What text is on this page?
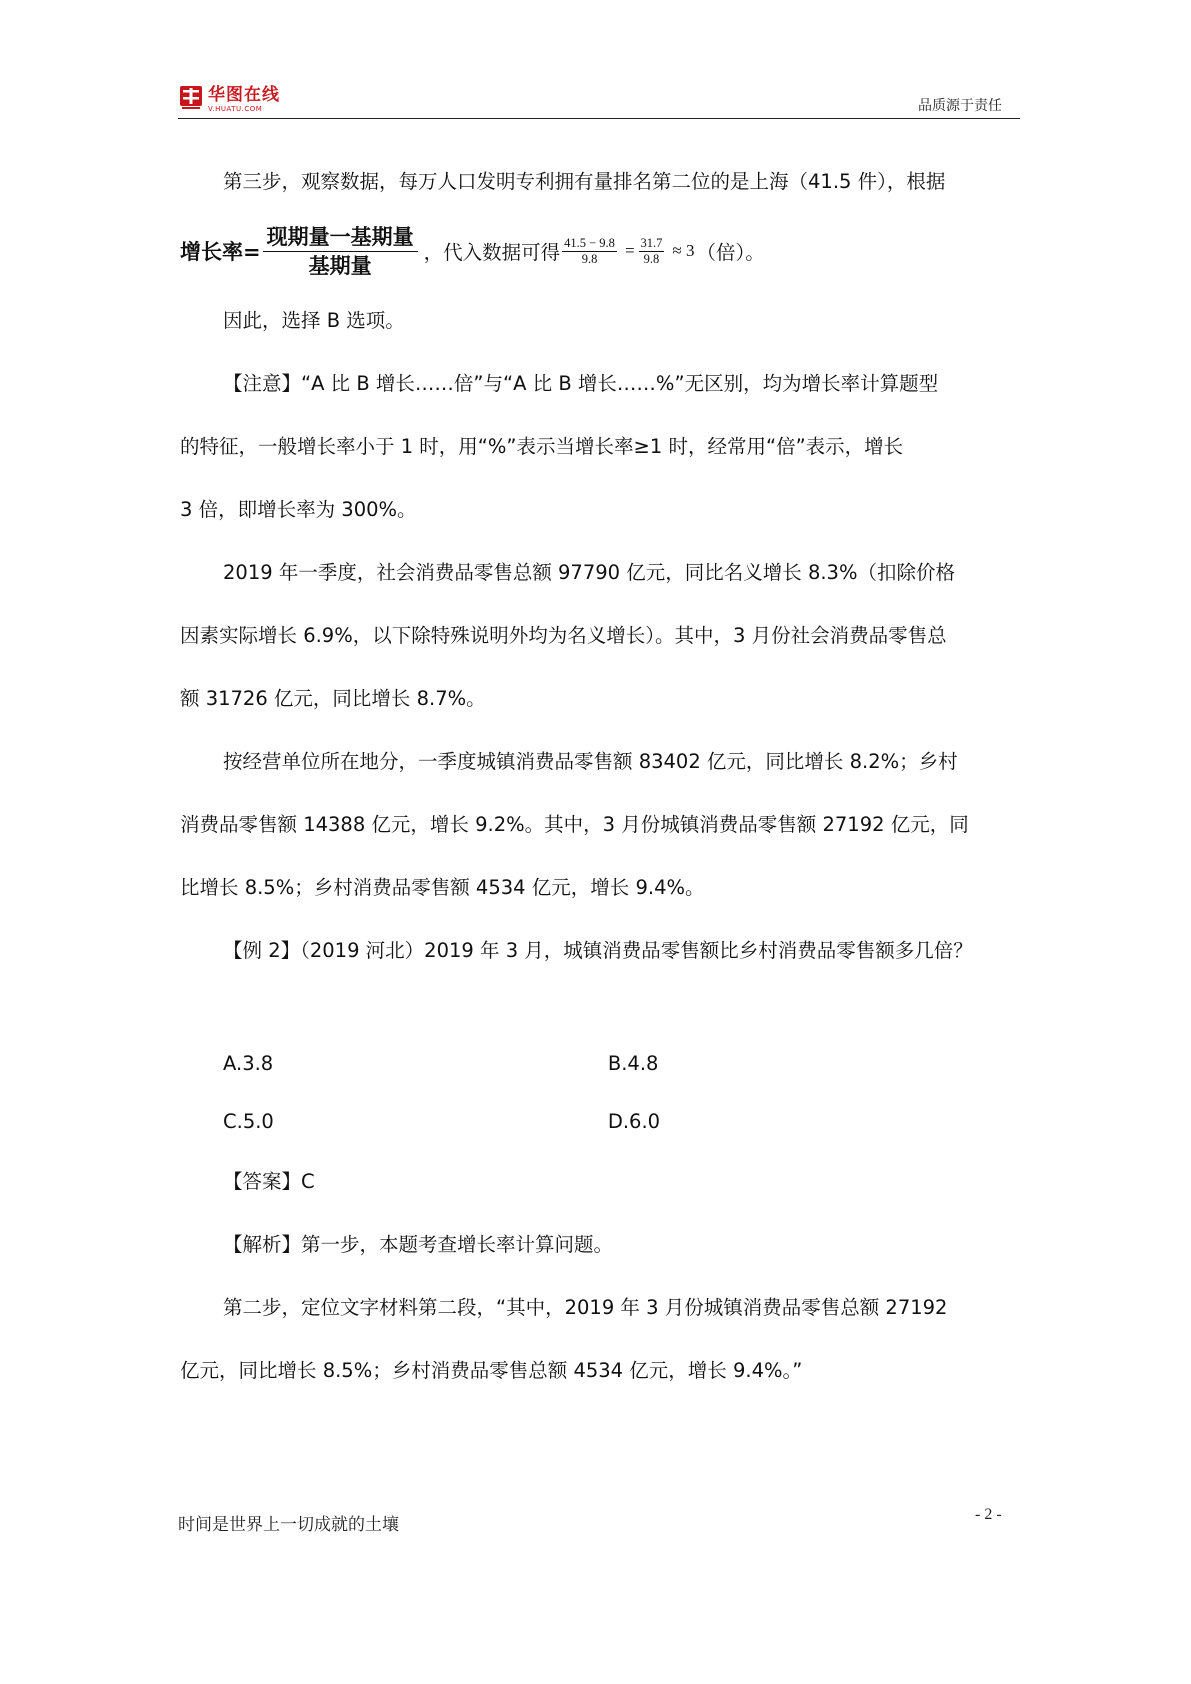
华图在线
V.HUATU.COM	品质源于责任

第三步，观察数据，每万人口发明专利拥有量排名第二位的是上海（41.5 件），根据

增长率= $\frac{\text{现期量一基期量}}{\text{基期量}}$ ，代入数据可得 $\frac{41.5 - 9.8}{9.8} = \frac{31.7}{9.8} \approx 3$ （倍）。

因此，选择 B 选项。

【注意】“A 比 B 增长……倍”与“A 比 B 增长……%”无区别，均为增长率计算题型
的特征，一般增长率小于 1 时，用“%”表示当增长率≥1 时，经常用“倍”表示，增长
3 倍，即增长率为 300%。

2019 年一季度，社会消费品零售总额 97790 亿元，同比名义增长 8.3%（扣除价格
因素实际增长 6.9%，以下除特殊说明外均为名义增长）。其中，3 月份社会消费品零售总
额 31726 亿元，同比增长 8.7%。

按经营单位所在地分，一季度城镇消费品零售额 83402 亿元，同比增长 8.2%；乡村
消费品零售额 14388 亿元，增长 9.2%。其中，3 月份城镇消费品零售额 27192 亿元，同
比增长 8.5%；乡村消费品零售额 4534 亿元，增长 9.4%。

【例 2】（2019 河北）2019 年 3 月，城镇消费品零售额比乡村消费品零售额多几倍？

A.3.8	B.4.8
C.5.0	D.6.0

【答案】C

【解析】第一步，本题考查增长率计算问题。

第二步，定位文字材料第二段，“其中，2019 年 3 月份城镇消费品零售总额 27192
亿元，同比增长 8.5%；乡村消费品零售总额 4534 亿元，增长 9.4%。”

时间是世界上一切成就的土壤
- 2 -
